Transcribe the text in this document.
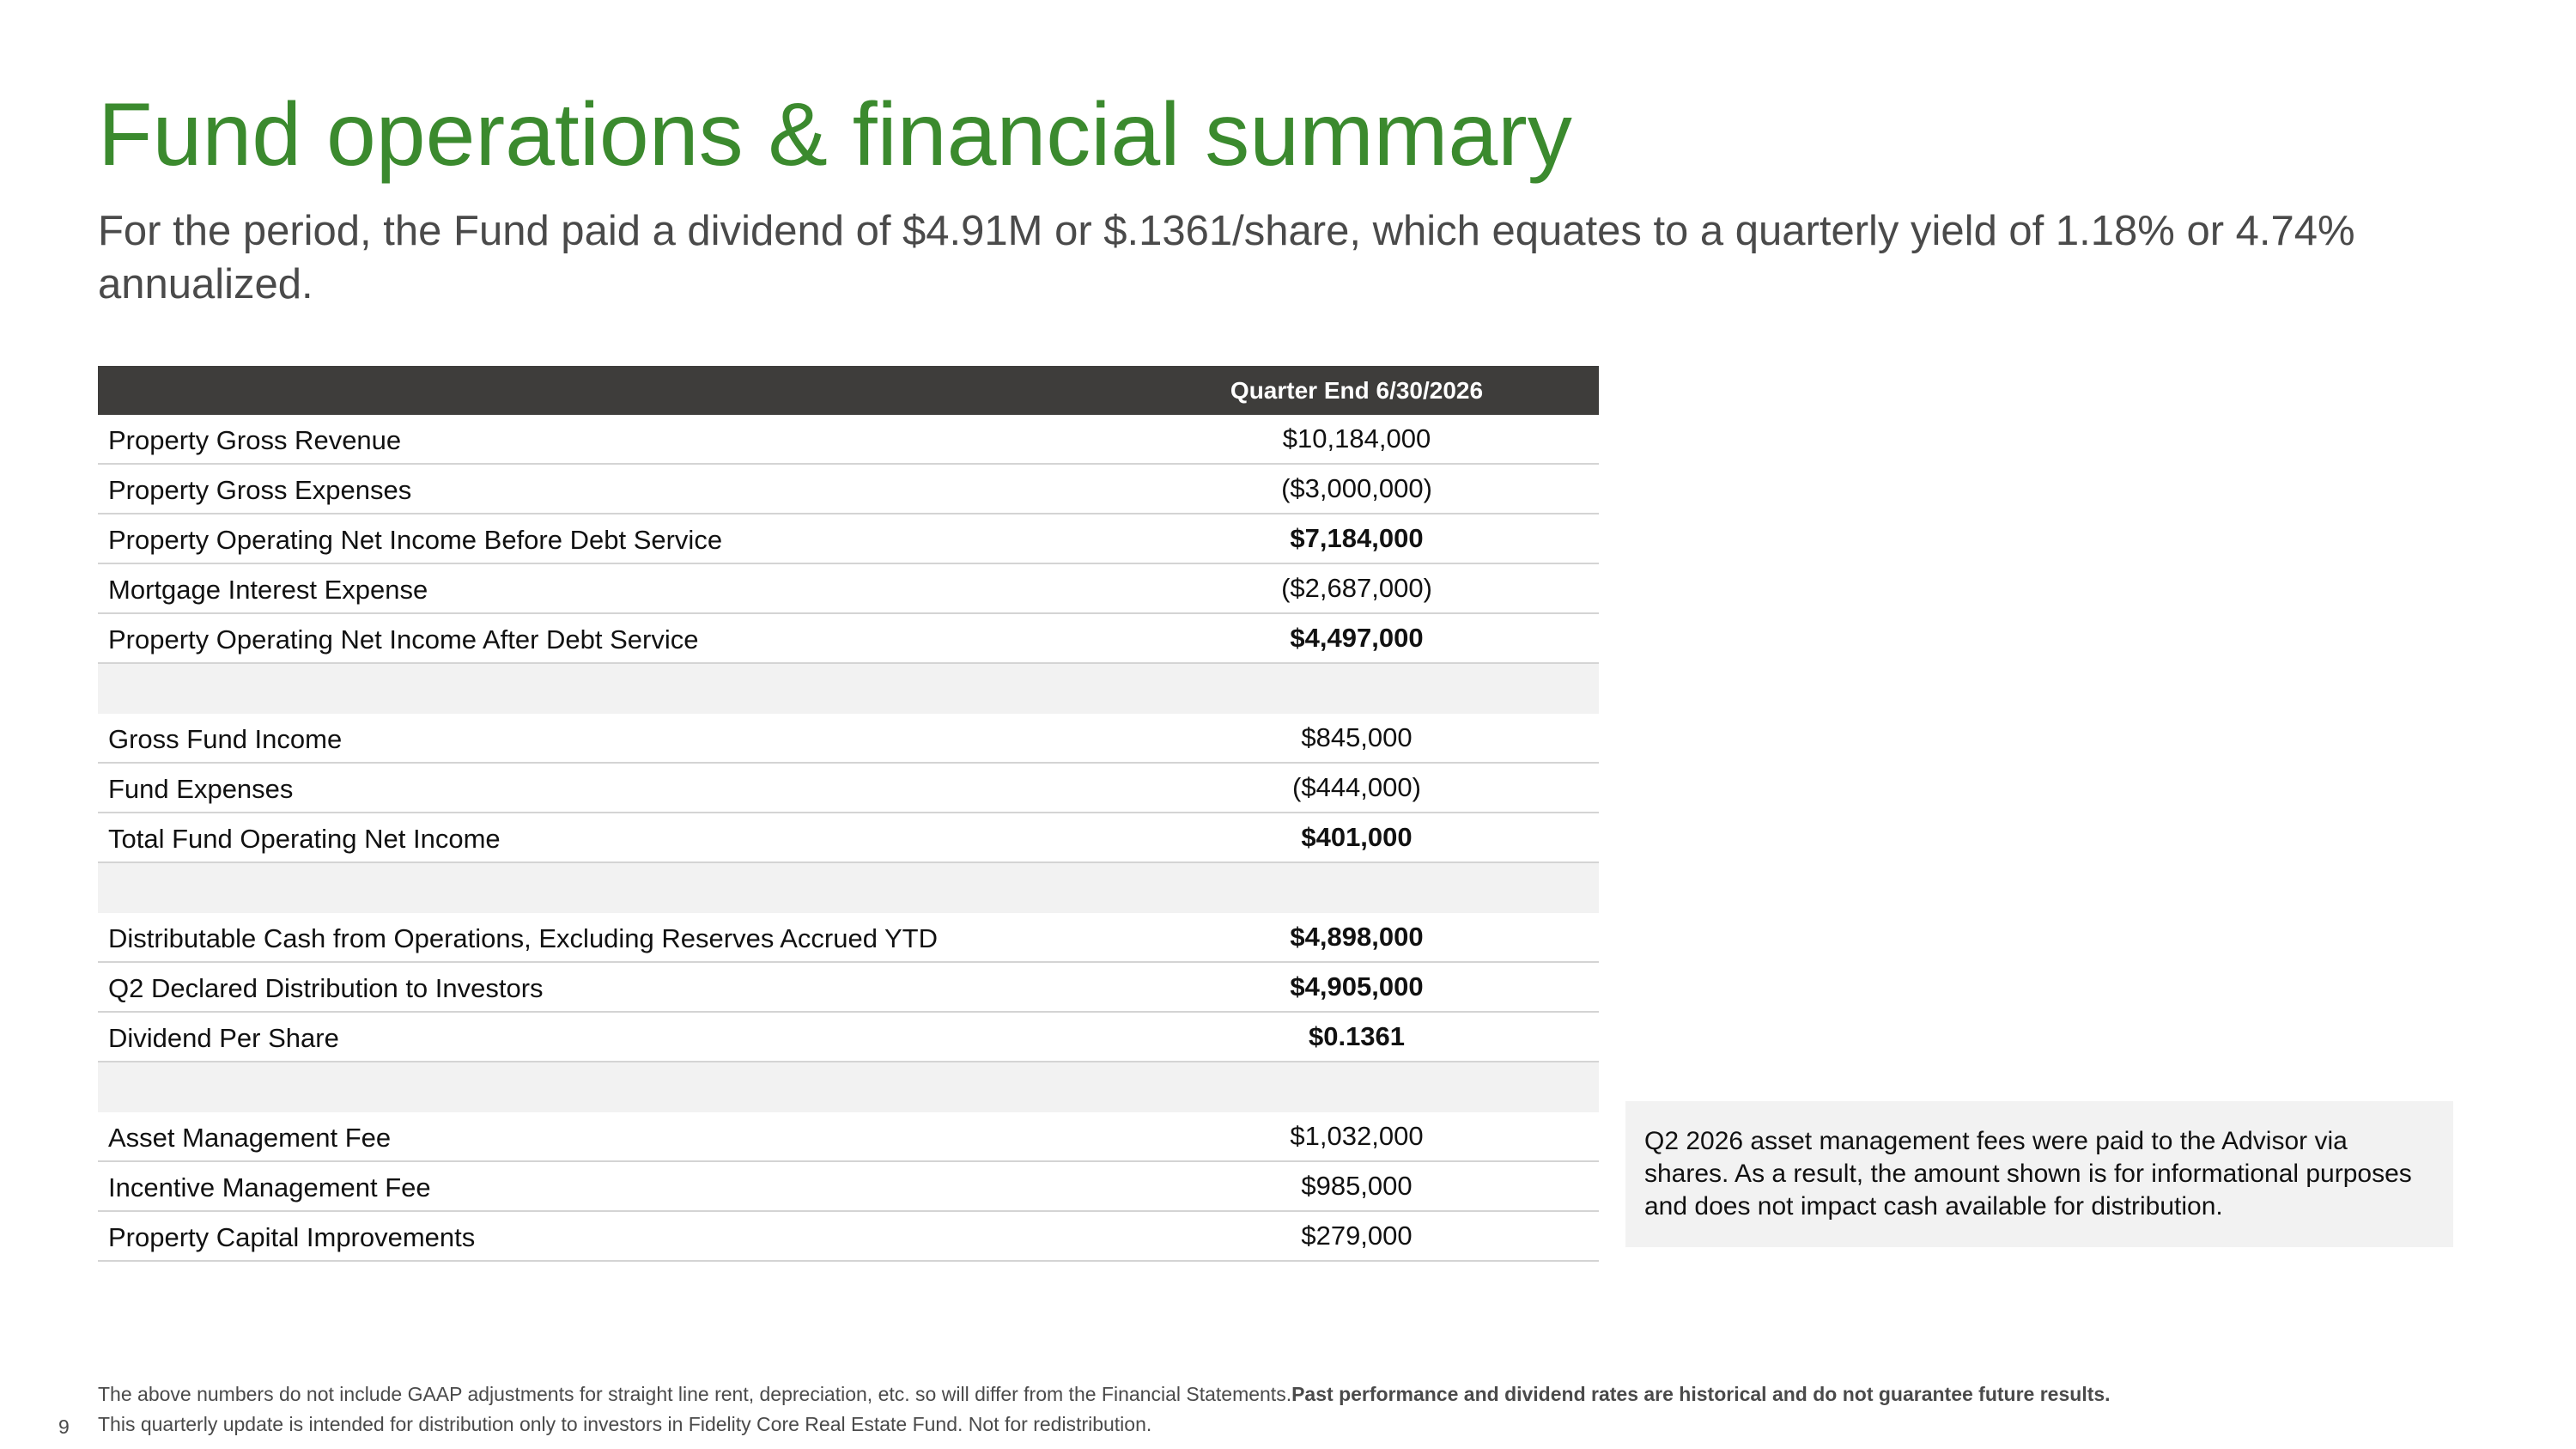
Fund operations & financial summary
For the period, the Fund paid a dividend of $4.91M or $.1361/share, which equates to a quarterly yield of 1.18% or 4.74% annualized.
Quarter End 6/30/2026
Property Gross Revenue	$10,184,000
Property Gross Expenses	($3,000,000)
Property Operating Net Income Before Debt Service	$7,184,000
Mortgage Interest Expense	($2,687,000)
Property Operating Net Income After Debt Service	$4,497,000
Gross Fund Income	$845,000
Fund Expenses	($444,000)
Total Fund Operating Net Income	$401,000
Distributable Cash from Operations, Excluding Reserves Accrued YTD	$4,898,000
Q2 Declared Distribution to Investors	$4,905,000
Dividend Per Share	$0.1361
Asset Management Fee	$1,032,000
Incentive Management Fee	$985,000
Property Capital Improvements	$279,000
Q2 2026 asset management fees were paid to the Advisor via shares. As a result, the amount shown is for informational purposes and does not impact cash available for distribution.
The above numbers do not include GAAP adjustments for straight line rent, depreciation, etc. so will differ from the Financial Statements.Past performance and dividend rates are historical and do not guarantee future results.
This quarterly update is intended for distribution only to investors in Fidelity Core Real Estate Fund. Not for redistribution.
9
